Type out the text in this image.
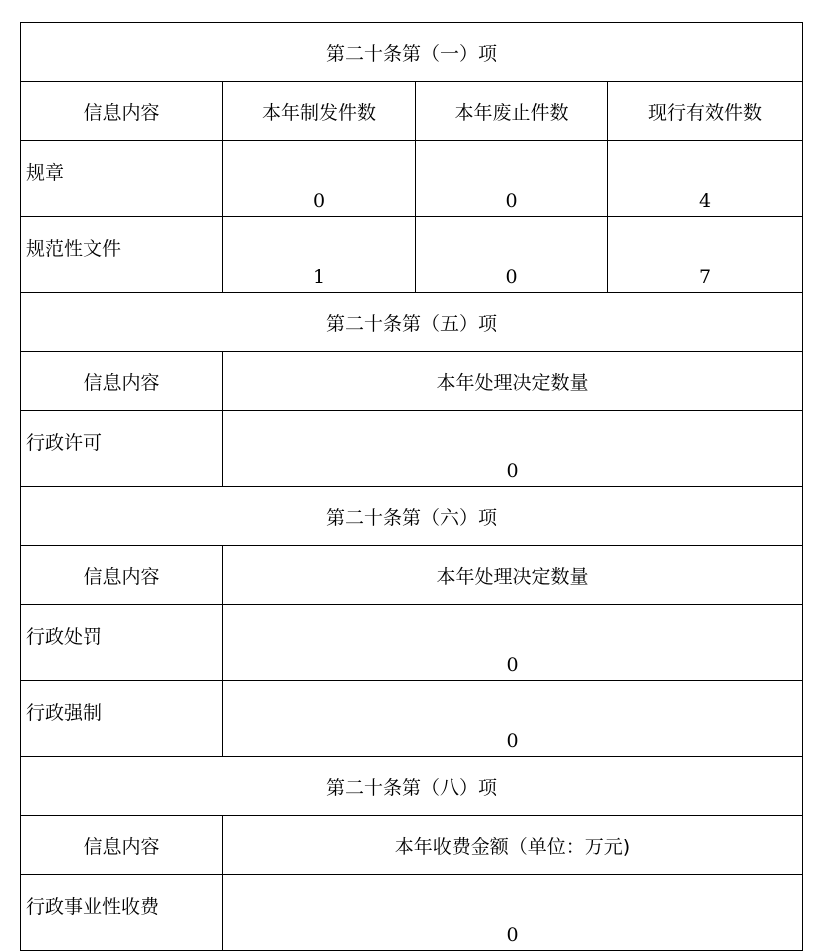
第二十条第（一）项			
信息内容	本年制发件数	本年废止件数	现行有效件数
规章	0	0	4
规范性文件	1	0	7
第二十条第（五）项			
信息内容	本年处理决定数量		
行政许可	0		
第二十条第（六）项			
信息内容	本年处理决定数量		
行政处罚	0		
行政强制	0		
第二十条第（八）项			
信息内容	本年收费金额（单位：万元)		
行政事业性收费	0		
